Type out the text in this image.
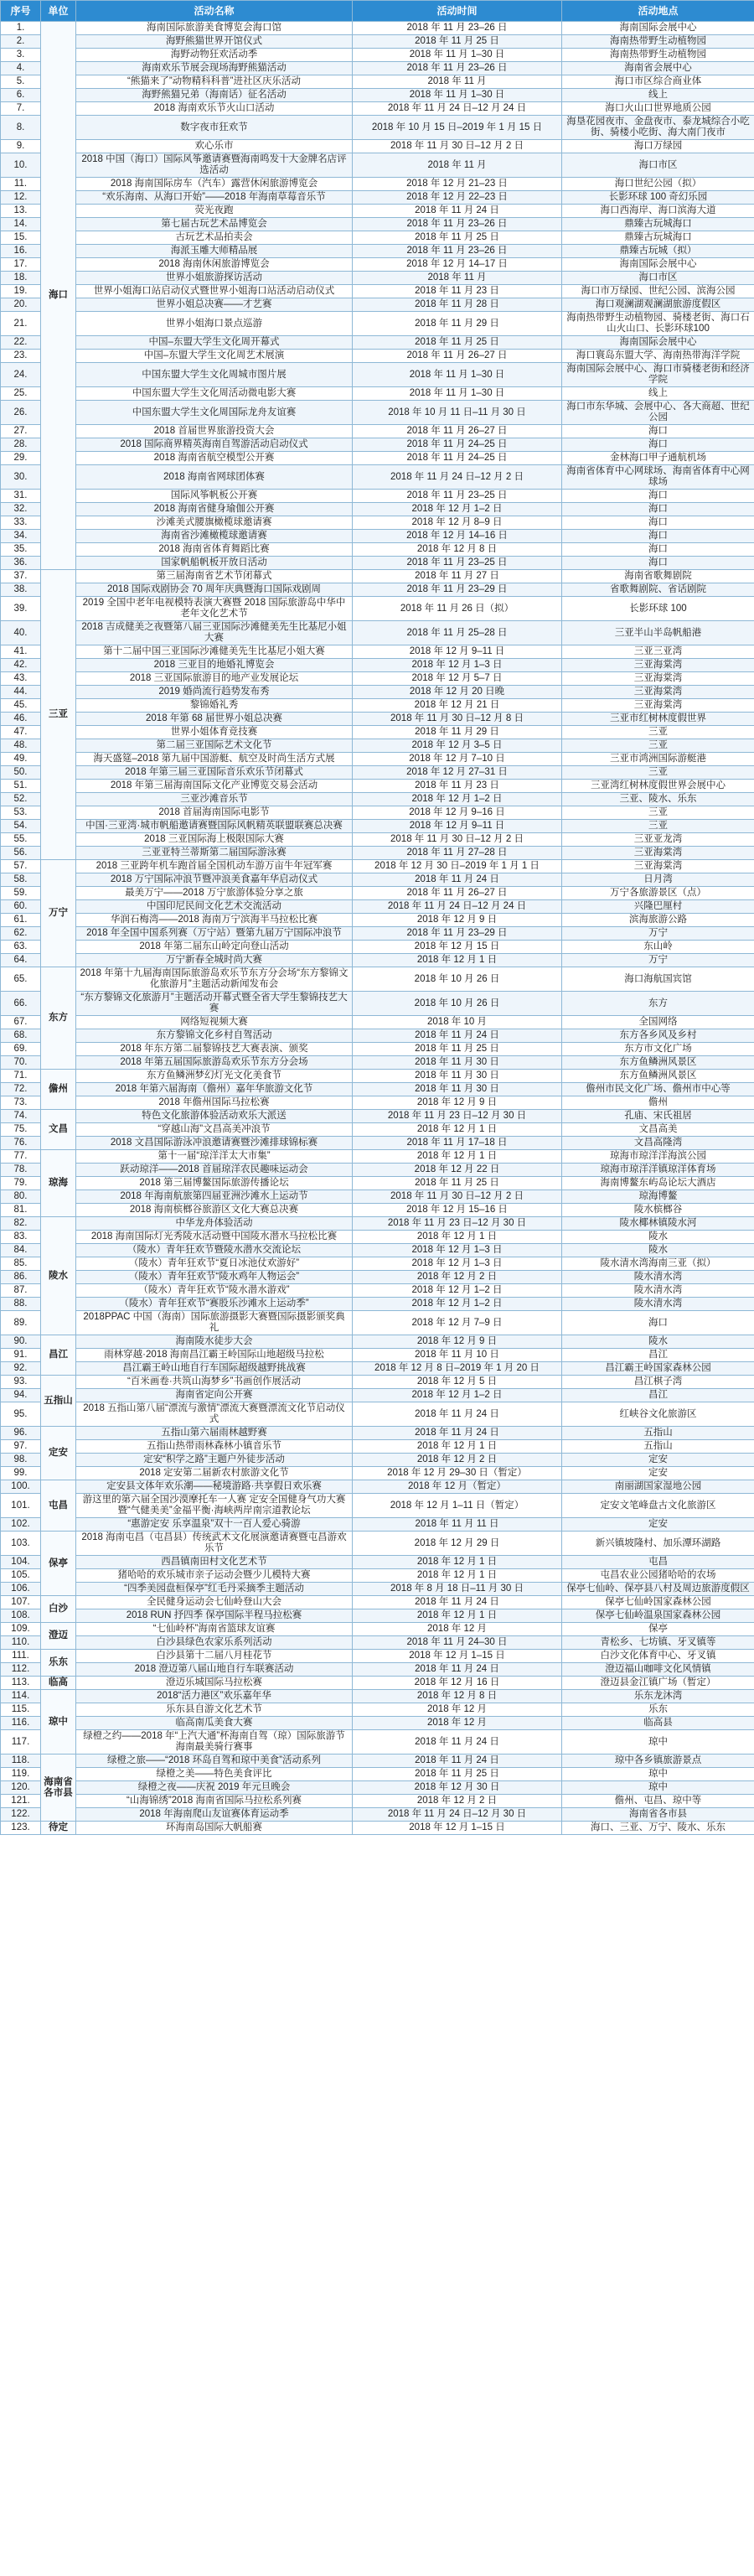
序号	单位	活动名称	活动时间	活动地点
1.	海口	海南国际旅游美食博览会海口馆	2018 年 11 月 23–26 日	海南国际会展中心
2.		海野熊猫世界开馆仪式	2018 年 11 月 25 日	海南热带野生动植物园
3.		海野动物狂欢活动季	2018 年 11 月 1–30 日	海南热带野生动植物园
4.		海南欢乐节展会现场海野熊猫活动	2018 年 11 月 23–26 日	海南省会展中心
5.		“熊猫来了”动物精科科普”进社区庆乐活动	2018 年 11 月	海口市区综合商业体
6.		海野熊猫兄弟（海南话）征名活动	2018 年 11 月 1–30 日	线上
7.		2018 海南欢乐节火山口活动	2018 年 11 月 24 日–12 月 24 日	海口火山口世界地质公园
8.		数字夜市狂欢节	2018 年 10 月 15 日–2019 年 1 月 15 日	海垦花园夜市、金盘夜市、泰龙城综合小吃街、骑楼小吃街、海大南门夜市
9.		欢心乐市	2018 年 11 月 30 日–12 月 2 日	海口万绿园
10.		2018 中国（海口）国际风筝邀请赛暨海南鸣发十大金牌名店评选活动	2018 年 11 月	海口市区
11.		2018 海南国际房车（汽车）露营休闲旅游博览会	2018 年 12 月 21–23 日	海口世纪公园（拟）
12.		“欢乐海南、从海口开始”——2018 年海南草莓音乐节	2018 年 12 月 22–23 日	长影环球 100 奇幻乐园
13.		荧光夜跑	2018 年 11 月 24 日	海口西海岸、海口滨海大道
14.		第七届古玩艺术品博览会	2018 年 11 月 23–26 日	鼎臻古玩城海口
15.		古玩艺术品拍卖会	2018 年 11 月 25 日	鼎臻古玩城海口
16.		海派玉雕大师精品展	2018 年 11 月 23–26 日	鼎臻古玩城（拟）
17.		2018 海南休闲旅游博览会	2018 年 12 月 14–17 日	海南国际会展中心
18.		世界小姐旅游探访活动	2018 年 11 月	海口市区
19.		世界小姐海口站启动仪式暨世界小姐海口站活动启动仪式	2018 年 11 月 23 日	海口市万绿园、世纪公园、滨海公园
20.		世界小姐总决赛——才艺赛	2018 年 11 月 28 日	海口观澜湖观澜湖旅游度假区
21.		世界小姐海口景点巡游	2018 年 11 月 29 日	海南热带野生动植物园、骑楼老街、海口石山火山口、长影环球100
22.		中国–东盟大学生文化周开幕式	2018 年 11 月 25 日	海南国际会展中心
23.		中国–东盟大学生文化周艺术展演	2018 年 11 月 26–27 日	海口寰岛东盟大学、海南热带海洋学院
24.		中国东盟大学生文化周城市图片展	2018 年 11 月 1–30 日	海南国际会展中心、海口市骑楼老街和经济学院
25.		中国东盟大学生文化周活动微电影大赛	2018 年 11 月 1–30 日	线上
26.		中国东盟大学生文化周国际龙舟友谊赛	2018 年 10 月 11 日–11 月 30 日	海口市东华城、会展中心、各大商超、世纪公园
27.		2018 首届世界旅游投资大会	2018 年 11 月 26–27 日	海口
28.		2018 国际商界精英海南自驾游活动启动仪式	2018 年 11 月 24–25 日	海口
29.		2018 海南省航空模型公开赛	2018 年 11 月 24–25 日	金林海口甲子通航机场
30.		2018 海南省网球团体赛	2018 年 11 月 24 日–12 月 2 日	海南省体育中心网球场、海南省体育中心网球场
31.		国际风筝帆板公开赛	2018 年 11 月 23–25 日	海口
32.		2018 海南省健身瑜伽公开赛	2018 年 12 月 1–2 日	海口
33.		沙滩美式腰旗橄榄球邀请赛	2018 年 12 月 8–9 日	海口
34.		海南省沙滩橄榄球邀请赛	2018 年 12 月 14–16 日	海口
35.		2018 海南省体育舞蹈比赛	2018 年 12 月 8 日	海口
36.		国家帆船帆板开放日活动	2018 年 11 月 23–25 日	海口
37.	三亚	第三届海南省艺术节闭幕式	2018 年 11 月 27 日	海南省歌舞剧院
38.		2018 国际戏剧协会 70 周年庆典暨海口国际戏剧周	2018 年 11 月 23–29 日	省歌舞剧院、省话剧院
39.		2019 全国中老年电视模特表演大赛暨 2018 国际旅游岛中华中老年文化艺术节	2018 年 11 月 26 日（拟）	长影环球 100
40.		2018 吉成健美之夜暨第八届三亚国际沙滩健美先生比基尼小姐大赛	2018 年 11 月 25–28 日	三亚半山半岛帆船港
41.		第十二届中国三亚国际沙滩健美先生比基尼小姐大赛	2018 年 12 月 9–11 日	三亚三亚湾
42.		2018 三亚目的地婚礼博览会	2018 年 12 月 1–3 日	三亚海棠湾
43.		2018 三亚国际旅游目的地产业发展论坛	2018 年 12 月 5–7 日	三亚海棠湾
44.		2019 婚尚流行趋势发布秀	2018 年 12 月 20 日晚	三亚海棠湾
45.		黎锦婚礼秀	2018 年 12 月 21 日	三亚海棠湾
46.		2018 年第 68 届世界小姐总决赛	2018 年 11 月 30 日–12 月 8 日	三亚市红树林度假世界
47.		世界小姐体育竞技赛	2018 年 11 月 29 日	三亚
48.		第二届三亚国际艺术文化节	2018 年 12 月 3–5 日	三亚
49.		海天盛筵–2018 第九届中国游艇、航空及时尚生活方式展	2018 年 12 月 7–10 日	三亚市鸿洲国际游艇港
50.		2018 年第三届三亚国际音乐欢乐节闭幕式	2018 年 12 月 27–31 日	三亚
51.		2018 年第三届海南国际文化产业博览交易会活动	2018 年 11 月 23 日	三亚湾红树林度假世界会展中心
52.		三亚沙滩音乐节	2018 年 12 月 1–2 日	三亚、陵水、乐东
53.		2018 首届海南国际电影节	2018 年 12 月 9–16 日	三亚
54.		中国·三亚湾·城市帆船邀请赛暨国际风帆精英联盟联赛总决赛	2018 年 12 月 9–11 日	三亚
55.		2018 三亚国际海上极限国际大赛	2018 年 11 月 30 日–12 月 2 日	三亚亚龙湾
56.		三亚亚特兰蒂斯第二届国际游泳赛	2018 年 11 月 27–28 日	三亚海棠湾
57.	万宁	2018 三亚跨年机车跑首届全国机动车游万亩牛年冠军赛	2018 年 12 月 30 日–2019 年 1 月 1 日	三亚海棠湾
58.		2018 万宁国际冲浪节暨冲浪美食嘉年华启动仪式	2018 年 11 月 24 日	日月湾
59.		最美万宁——2018 万宁旅游体验分享之旅	2018 年 11 月 26–27 日	万宁各旅游景区（点）
60.		中国印尼民间文化艺术交流活动	2018 年 11 月 24 日–12 月 24 日	兴隆巴厘村
61.		华润石梅湾——2018 海南万宁滨海半马拉松比赛	2018 年 12 月 9 日	滨海旅游公路
62.		2018 年全国中国系列赛（万宁站）暨第九届万宁国际冲浪节	2018 年 11 月 23–29 日	万宁
63.		2018 年第二届东山岭定向登山活动	2018 年 12 月 15 日	东山岭
64.		万宁新春全城时尚大赛	2018 年 12 月 1 日	万宁
65.	东方	2018 年第十九届海南国际旅游岛欢乐节东方分会场“东方黎锦文化旅游月”主题活动新闻发布会	2018 年 10 月 26 日	海口海航国宾馆
66.		“东方黎锦文化旅游月”主题活动开幕式暨全省大学生黎锦技艺大赛	2018 年 10 月 26 日	东方
67.		网络短视频大赛	2018 年 10 月	全国网络
68.		东方黎锦文化乡村自驾活动	2018 年 11 月 24 日	东方各乡风及乡村
69.		2018 年东方第二届黎锦技艺大赛表演、颁奖	2018 年 11 月 25 日	东方市文化广场
70.		2018 年第五届国际旅游岛欢乐节东方分会场	2018 年 11 月 30 日	东方鱼鳞洲风景区
71.	儋州	东方鱼鳞洲梦幻灯光文化美食节	2018 年 11 月 30 日	东方鱼鳞洲风景区
72.		2018 年第六届海南（儋州）嘉年华旅游文化节	2018 年 11 月 30 日	儋州市民文化广场、儋州市中心等
73.		2018 年儋州国际马拉松赛	2018 年 12 月 9 日	儋州
74.	文昌	特色文化旅游体验活动欢乐大派送	2018 年 11 月 23 日–12 月 30 日	孔庙、宋氏祖居
75.		“穿越山海”文昌高美冲浪节	2018 年 12 月 1 日	文昌高美
76.		2018 文昌国际游泳冲浪邀请赛暨沙滩排球锦标赛	2018 年 11 月 17–18 日	文昌高隆湾
77.	琼海	第十一届“琼洋洋太大市集”	2018 年 12 月 1 日	琼海市琼洋洋海滨公园
78.		跃动琼洋——2018 首届琼洋农民趣味运动会	2018 年 12 月 22 日	琼海市琼洋洋镇琼洋体育场
79.		2018 第三届博鳌国际旅游传播论坛	2018 年 11 月 25 日	海南博鳌东屿岛论坛大酒店
80.		2018 年海南航旅第四届亚洲沙滩水上运动节	2018 年 11 月 30 日–12 月 2 日	琼海博鳌
81.		2018 海南槟榔谷旅游区文化大赛总决赛	2018 年 12 月 15–16 日	陵水槟榔谷
82.	陵水	中华龙舟体验活动	2018 年 11 月 23 日–12 月 30 日	陵水椰林镇陵水河
83.		2018 海南国际灯光秀陵水活动暨中国陵水潜水马拉松比赛	2018 年 12 月 1 日	陵水
84.		（陵水）青年狂欢节暨陵水潜水交流论坛	2018 年 12 月 1–3 日	陵水
85.		（陵水）青年狂欢节“夏日冰池仗欢游好”	2018 年 12 月 1–3 日	陵水清水湾海南三亚（拟）
86.		（陵水）青年狂欢节“陵水鸡年人物运会”	2018 年 12 月 2 日	陵水清水湾
87.		（陵水）青年狂欢节“陵水潜水游戏”	2018 年 12 月 1–2 日	陵水清水湾
88.		（陵水）青年狂欢节“赛股乐沙滩水上运动季”	2018 年 12 月 1–2 日	陵水清水湾
89.		2018PPAC 中国（海南）国际旅游摄影大赛暨国际摄影颁奖典礼	2018 年 12 月 7–9 日	海口
90.	昌江	海南陵水徒步大会	2018 年 12 月 9 日	陵水
91.		雨林穿越·2018 海南昌江霸王岭国际山地超级马拉松	2018 年 11 月 10 日	昌江
92.		昌江霸王岭山地自行车国际超级越野挑战赛	2018 年 12 月 8 日–2019 年 1 月 20 日	昌江霸王岭国家森林公园
93.	五指山	“百米画卷·共筑山海梦乡”书画创作展活动	2018 年 12 月 5 日	昌江棋子湾
94.		海南省定向公开赛	2018 年 12 月 1–2 日	昌江
95.		2018 五指山第八届“漂流与激情”漂流大赛暨漂流文化节启动仪式	2018 年 11 月 24 日	红峡谷文化旅游区
96.	定安	五指山第六届雨林越野赛	2018 年 11 月 24 日	五指山
97.		五指山热带雨林森林小镇音乐节	2018 年 12 月 1 日	五指山
98.		定安“积学之路”主题户外徒步活动	2018 年 12 月 2 日	定安
99.		2018 定安第二届新农村旅游文化节	2018 年 12 月 29–30 日（暂定）	定安
100.	屯昌	定安县文体年欢乐潮——秘境游路·共享假日欢乐赛	2018 年 12 月（暂定）	南丽湖国家湿地公园
101.		游这里的第六届全国沙漠摩托车一人赛 定安全国健身气功大赛暨“气健美美”金福平衡·海峡两岸南宗道教论坛	2018 年 12 月 1–11 日（暂定）	定安文笔峰盘古文化旅游区
102.		“惠游定安 乐享温泉”双十一百人爱心骑游	2018 年 11 月 11 日	定安
103.	保亭	2018 海南屯昌（屯昌县）传统武术文化展演邀请赛暨屯昌游欢乐节	2018 年 12 月 29 日	新兴镇坡隆村、加乐潭环湖路
104.		西昌镇南田村文化艺术节	2018 年 12 月 1 日	屯昌
105.		猪哈哈的欢乐城市亲子运动会暨少儿模特大赛	2018 年 12 月 1 日	屯昌农业公园猪哈哈的农场
106.		“四季美园盘桓保亭”红毛丹采摘季主题活动	2018 年 8 月 18 日–11 月 30 日	保亭七仙岭、保亭县八村及周边旅游度假区
107.	白沙	全民健身运动会七仙岭登山大会	2018 年 11 月 24 日	保亭七仙岭国家森林公园
108.		2018 RUN 抒四季 保亭国际半程马拉松赛	2018 年 12 月 1 日	保亭七仙岭温泉国家森林公园
109.	澄迈	“七仙岭杯”海南省篮球友谊赛	2018 年 12 月	保亭
110.		白沙县绿色农家乐系列活动	2018 年 11 月 24–30 日	青松乡、七坊镇、牙叉镇等
111.	乐东	白沙县第十二届八月桂花节	2018 年 12 月 1–15 日	白沙文化体育中心、牙叉镇
112.		2018 澄迈第八届山地自行车联赛活动	2018 年 11 月 24 日	澄迈福山咖啡文化风情镇
113.	临高	澄迈乐城国际马拉松赛	2018 年 12 月 16 日	澄迈县金江镇广场（暂定）
114.	琼中	2018“活力港区”欢乐嘉年华	2018 年 12 月 8 日	乐东龙沐湾
115.		乐东县自游文化艺术节	2018 年 12 月	乐东
116.		临高南瓜美食大赛	2018 年 12 月	临高县
117.		绿橙之约——2018 年“上汽大通”杯海南自驾（琼）国际旅游节海南最美骑行赛事	2018 年 11 月 24 日	琼中
118.	海南省各市县	绿橙之旅——“2018 环岛自驾和琼中美食”活动系列	2018 年 11 月 24 日	琼中各乡镇旅游景点
119.		绿橙之美——特色美食评比	2018 年 11 月 25 日	琼中
120.		绿橙之夜——庆祝 2019 年元旦晚会	2018 年 12 月 30 日	琼中
121.		“山海锦绣”2018 海南省国际马拉松系列赛	2018 年 12 月 2 日	儋州、屯昌、琼中等
122.		2018 年海南爬山友谊赛体育运动季	2018 年 11 月 24 日–12 月 30 日	海南省各市县
123.	待定	环海南岛国际大帆船赛	2018 年 12 月 1–15 日	海口、三亚、万宁、陵水、乐东
